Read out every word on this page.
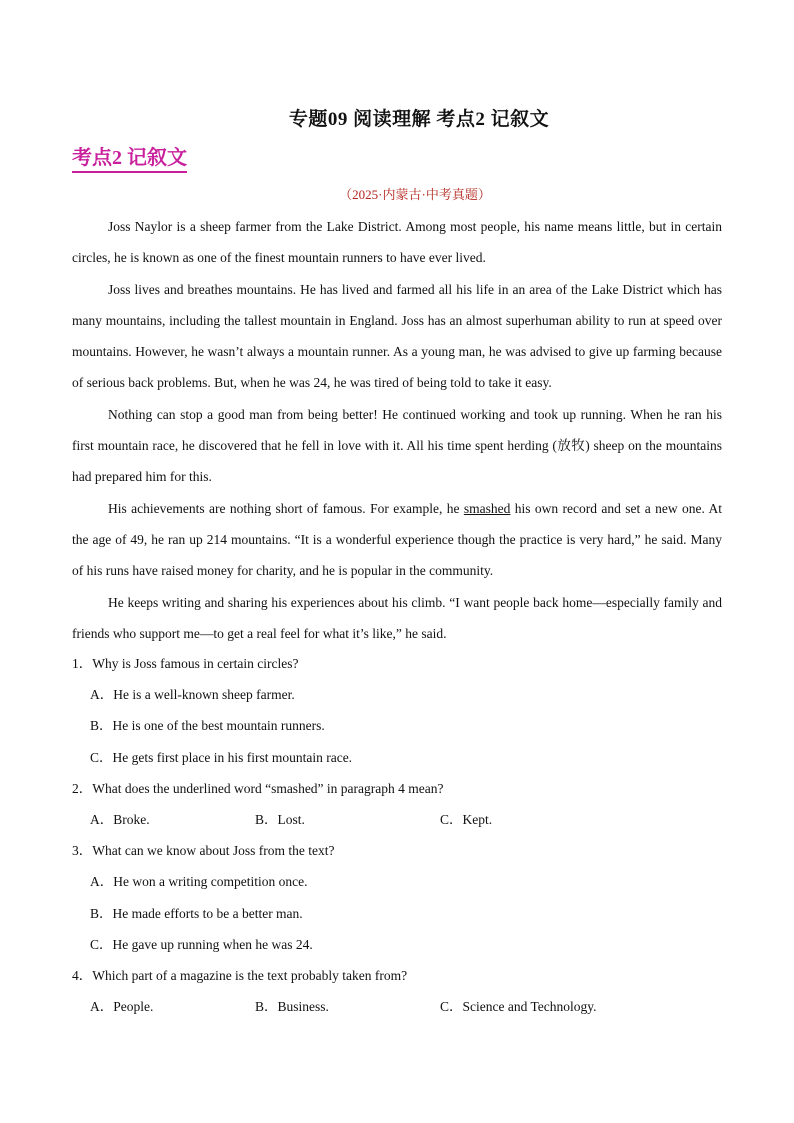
专题09 阅读理解 考点2 记叙文
考点2 记叙文
（2025·内蒙古·中考真题）

Joss Naylor is a sheep farmer from the Lake District. Among most people, his name means little, but in certain circles, he is known as one of the finest mountain runners to have ever lived.

Joss lives and breathes mountains. He has lived and farmed all his life in an area of the Lake District which has many mountains, including the tallest mountain in England. Joss has an almost superhuman ability to run at speed over mountains. However, he wasn’t always a mountain runner. As a young man, he was advised to give up farming because of serious back problems. But, when he was 24, he was tired of being told to take it easy.

Nothing can stop a good man from being better! He continued working and took up running. When he ran his first mountain race, he discovered that he fell in love with it. All his time spent herding (放牧) sheep on the mountains had prepared him for this.

His achievements are nothing short of famous. For example, he smashed his own record and set a new one. At the age of 49, he ran up 214 mountains. “It is a wonderful experience though the practice is very hard,” he said. Many of his runs have raised money for charity, and he is popular in the community.

He keeps writing and sharing his experiences about his climb. “I want people back home—especially family and friends who support me—to get a real feel for what it’s like,” he said.

1．Why is Joss famous in certain circles?

A．He is a well-known sheep farmer.

B．He is one of the best mountain runners.

C．He gets first place in his first mountain race.

2．What does the underlined word “smashed” in paragraph 4 mean?

A．Broke.	B．Lost.	C．Kept.

3．What can we know about Joss from the text?

A．He won a writing competition once.

B．He made efforts to be a better man.

C．He gave up running when he was 24.

4．Which part of a magazine is the text probably taken from?

A．People.	B．Business.	C．Science and Technology.
